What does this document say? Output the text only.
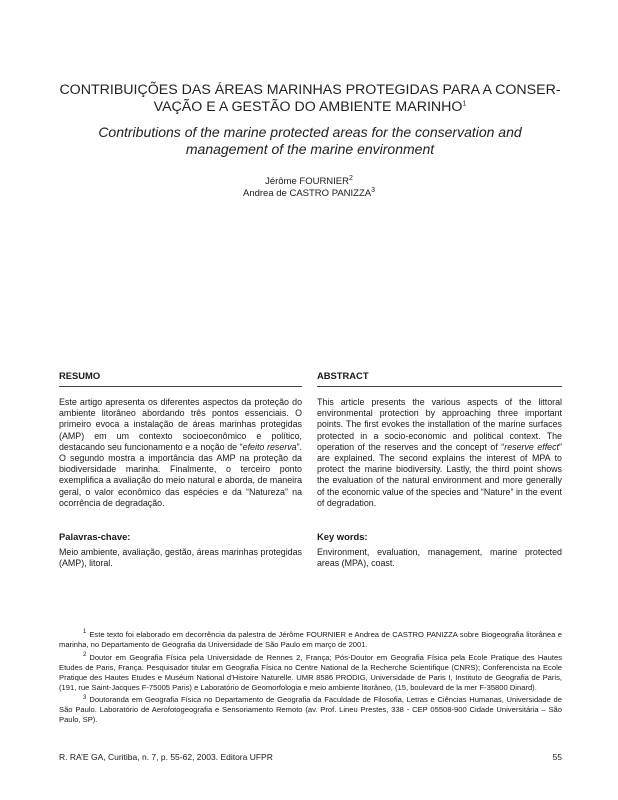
CONTRIBUIÇÕES DAS ÁREAS MARINHAS PROTEGIDAS PARA A CONSER-
VAÇÃO E A GESTÃO DO AMBIENTE MARINHO$^1$
Contributions of the marine protected areas for the conservation and
management of the marine environment
Jérôme FOURNIER$^2$
Andrea de CASTRO PANIZZA$^3$
RESUMO

Este artigo apresenta os diferentes aspectos da proteção do ambiente litorâneo abordando três pontos essenciais. O primeiro evoca a instalação de áreas marinhas protegidas (AMP) em um contexto socioeconômico e político, destacando seu funcionamento e a noção de “efeito reserva”. O segundo mostra a importância das AMP na proteção da biodiversidade marinha. Finalmente, o terceiro ponto exemplifica a avaliação do meio natural e aborda, de maneira geral, o valor econômico das espécies e da “Natureza” na ocorrência de degradação.

Palavras-chave:

Meio ambiente, avaliação, gestão, áreas marinhas protegidas (AMP), litoral.

ABSTRACT

This article presents the various aspects of the littoral environmental protection by approaching three important points. The first evokes the installation of the marine surfaces protected in a socio-economic and political context. The operation of the reserves and the concept of “reserve effect” are explained. The second explains the interest of MPA to protect the marine biodiversity. Lastly, the third point shows the evaluation of the natural environment and more generally of the economic value of the species and “Nature” in the event of degradation.

Key words:

Environment, evaluation, management, marine protected areas (MPA), coast.

$^1$ Este texto foi elaborado em decorrência da palestra de Jérôme FOURNIER e Andrea de CASTRO PANIZZA sobre Biogeografia litorânea e marinha, no Departamento de Geografia da Universidade de São Paulo em março de 2001.

$^2$ Doutor em Geografia Física pela Universidade de Rennes 2, França; Pós-Doutor em Geografia Física pela Ecole Pratique des Hautes Etudes de Paris, França. Pesquisador titular em Geografia Física no Centre National de la Recherche Scientifique (CNRS); Conferencista na Ecole Pratique des Hautes Etudes e Muséum National d’Histoire Naturelle. UMR 8586 PRODIG, Universidade de Paris I, Instituto de Geografia de Paris, (191, rue Saint-Jacques F-75005 Paris) e Laboratório de Geomorfologia e meio ambiente litorâneo, (15, boulevard de la mer F-35800 Dinard).

$^3$ Doutoranda em Geografia Física no Departamento de Geografia da Faculdade de Filosofia, Letras e Ciências Humanas, Universidade de São Paulo. Laboratório de Aerofotogeografia e Sensoriamento Remoto (av. Prof. Lineu Prestes, 338 - CEP 05508-900 Cidade Universitária – São Paulo, SP).

R. RA’E GA, Curitiba, n. 7, p. 55-62, 2003. Editora UFPR	55
